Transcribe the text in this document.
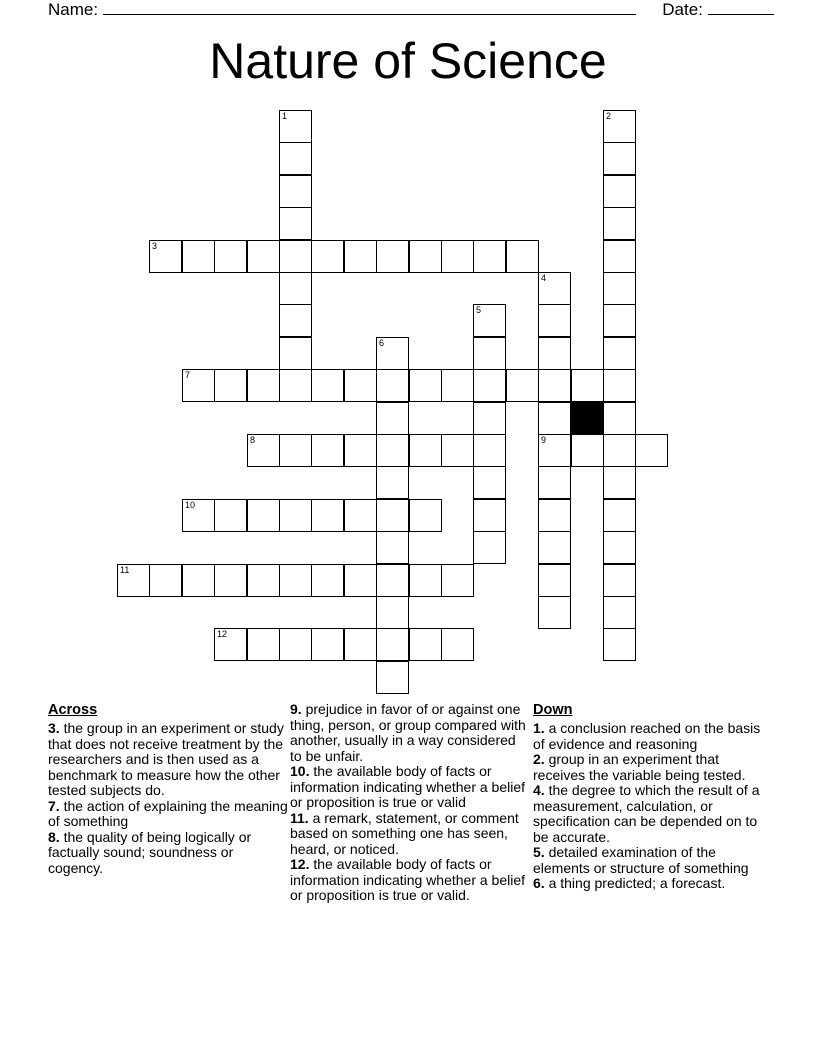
Name:	Date:
Nature of Science
1	2
3
4
5
6
7
8	9
10
11
12
Across
3. the group in an experiment or study that does not receive treatment by the researchers and is then used as a benchmark to measure how the other tested subjects do.
7. the action of explaining the meaning of something
8. the quality of being logically or factually sound; soundness or cogency.
9. prejudice in favor of or against one thing, person, or group compared with another, usually in a way considered to be unfair.
10. the available body of facts or information indicating whether a belief or proposition is true or valid
11. a remark, statement, or comment based on something one has seen, heard, or noticed.
12. the available body of facts or information indicating whether a belief or proposition is true or valid.
Down
1. a conclusion reached on the basis of evidence and reasoning
2. group in an experiment that receives the variable being tested.
4. the degree to which the result of a measurement, calculation, or specification can be depended on to be accurate.
5. detailed examination of the elements or structure of something
6. a thing predicted; a forecast.
